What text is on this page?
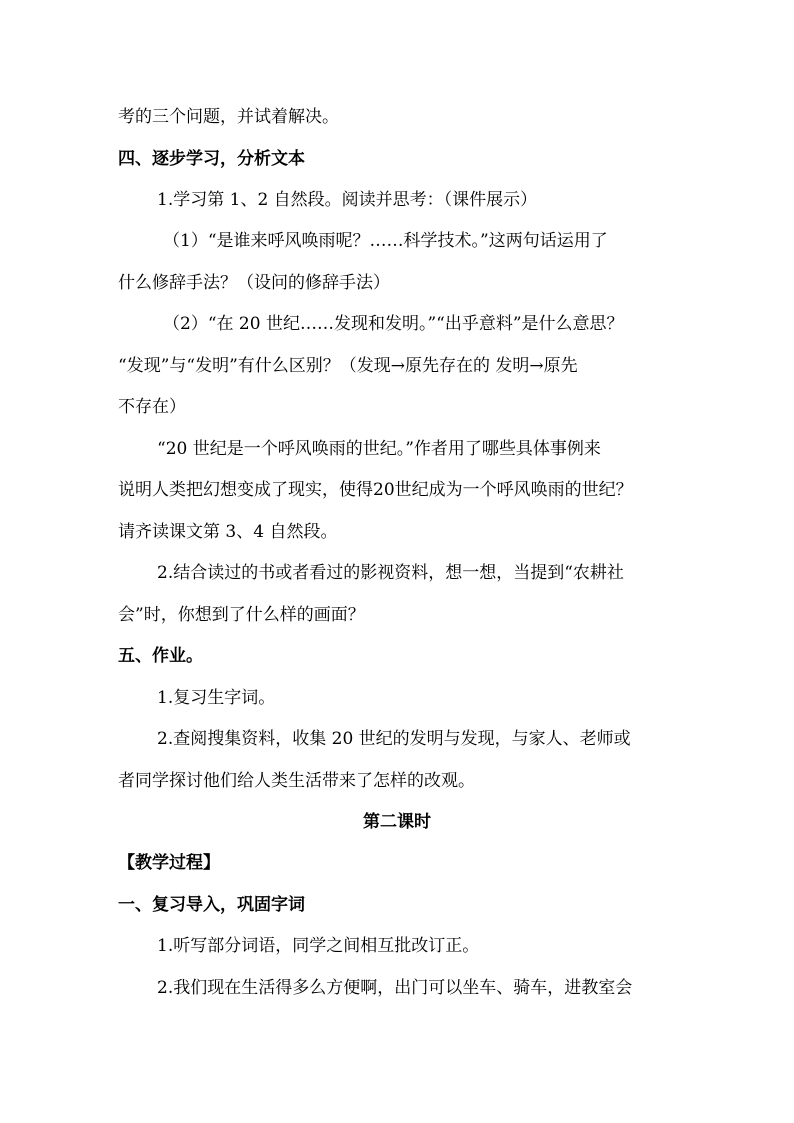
考的三个问题，并试着解决。
四、逐步学习，分析文本
1.学习第 1、2 自然段。阅读并思考：（课件展示）
（1）“是谁来呼风唤雨呢？……科学技术。”这两句话运用了
什么修辞手法？（设问的修辞手法）
（2）“在 20 世纪……发现和发明。”“出乎意料”是什么意思？
“发现”与“发明”有什么区别？（发现→原先存在的 发明→原先
不存在）
“20 世纪是一个呼风唤雨的世纪。”作者用了哪些具体事例来
说明人类把幻想变成了现实，使得20世纪成为一个呼风唤雨的世纪？
请齐读课文第 3、4 自然段。
2.结合读过的书或者看过的影视资料，想一想，当提到“农耕社
会”时，你想到了什么样的画面？
五、作业。
1.复习生字词。
2.查阅搜集资料，收集 20 世纪的发明与发现，与家人、老师或
者同学探讨他们给人类生活带来了怎样的改观。
第二课时
【教学过程】
一、复习导入，巩固字词
1.听写部分词语，同学之间相互批改订正。
2.我们现在生活得多么方便啊，出门可以坐车、骑车，进教室会
